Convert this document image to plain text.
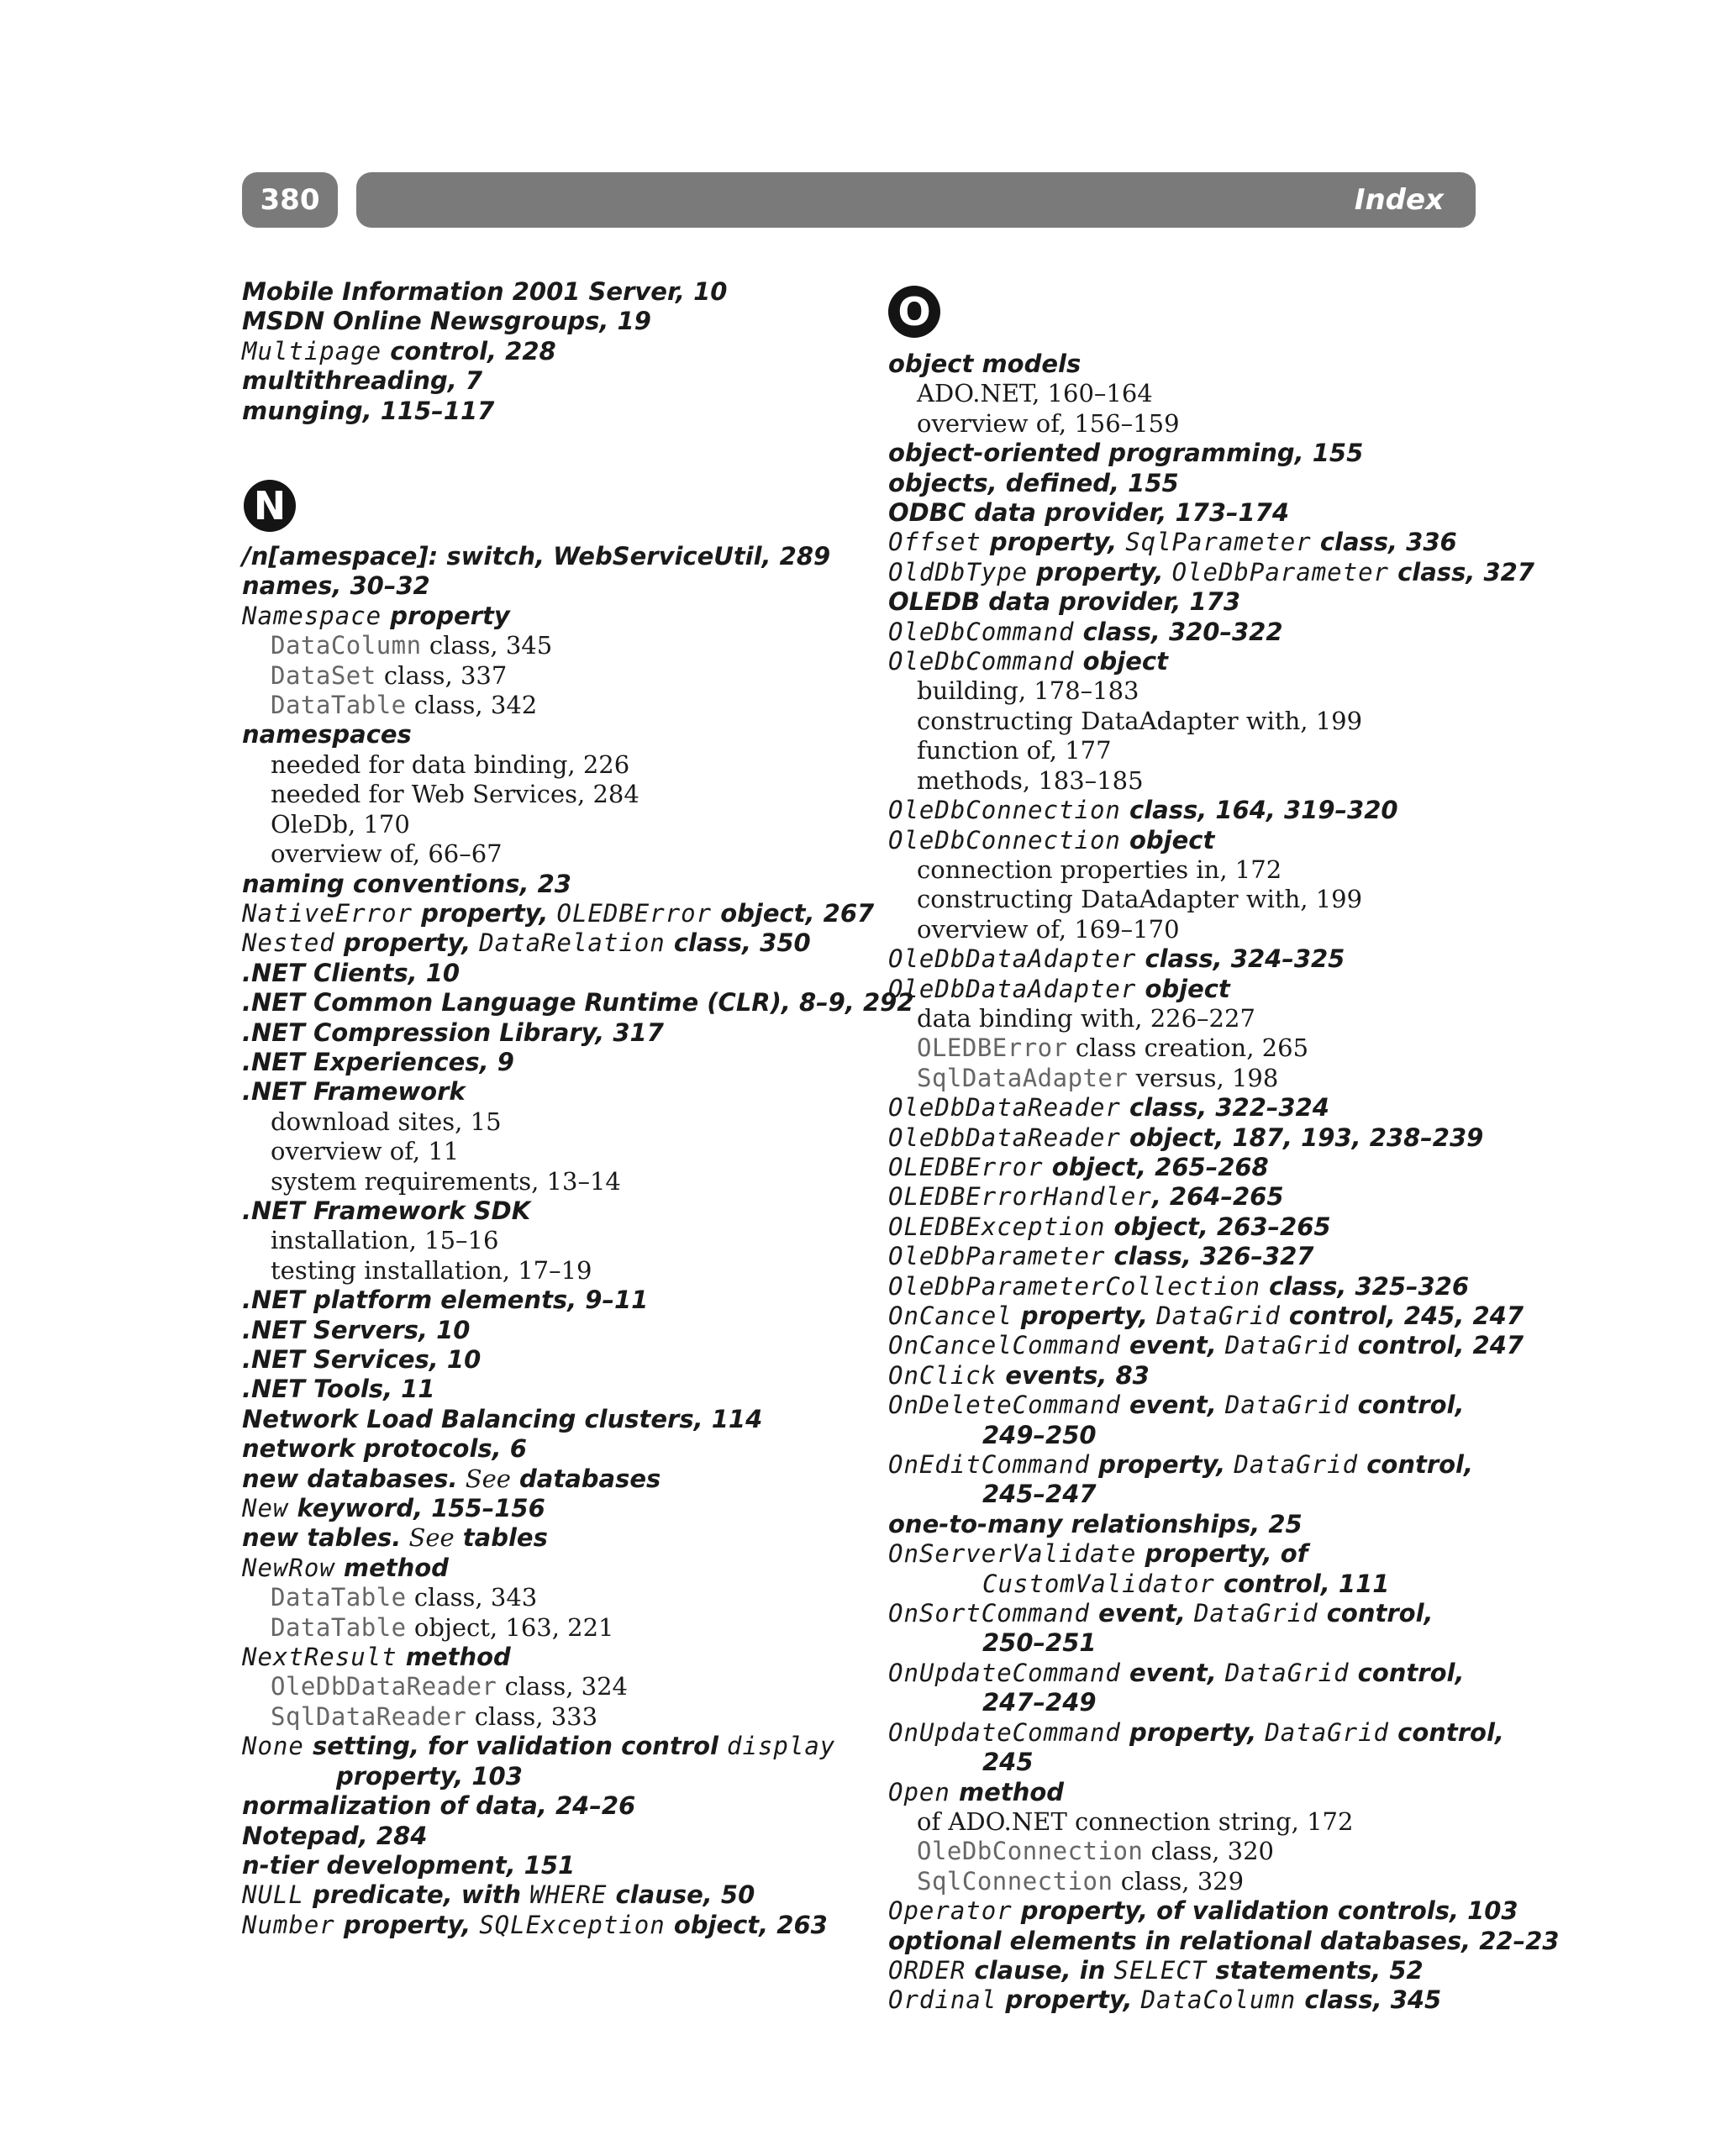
380	Index
Mobile Information 2001 Server, 10
MSDN Online Newsgroups, 19
Multipage control, 228
multithreading, 7
munging, 115–117
N
/n[amespace]: switch, WebServiceUtil, 289
names, 30–32
Namespace property
DataColumn class, 345
DataSet class, 337
DataTable class, 342
namespaces
needed for data binding, 226
needed for Web Services, 284
OleDb, 170
overview of, 66–67
naming conventions, 23
NativeError property, OLEDBError object, 267
Nested property, DataRelation class, 350
.NET Clients, 10
.NET Common Language Runtime (CLR), 8–9, 292
.NET Compression Library, 317
.NET Experiences, 9
.NET Framework
download sites, 15
overview of, 11
system requirements, 13–14
.NET Framework SDK
installation, 15–16
testing installation, 17–19
.NET platform elements, 9–11
.NET Servers, 10
.NET Services, 10
.NET Tools, 11
Network Load Balancing clusters, 114
network protocols, 6
new databases. See databases
New keyword, 155–156
new tables. See tables
NewRow method
DataTable class, 343
DataTable object, 163, 221
NextResult method
OleDbDataReader class, 324
SqlDataReader class, 333
None setting, for validation control display
property, 103
normalization of data, 24–26
Notepad, 284
n-tier development, 151
NULL predicate, with WHERE clause, 50
Number property, SQLException object, 263
O
object models
ADO.NET, 160–164
overview of, 156–159
object-oriented programming, 155
objects, defined, 155
ODBC data provider, 173–174
Offset property, SqlParameter class, 336
OldDbType property, OleDbParameter class, 327
OLEDB data provider, 173
OleDbCommand class, 320–322
OleDbCommand object
building, 178–183
constructing DataAdapter with, 199
function of, 177
methods, 183–185
OleDbConnection class, 164, 319–320
OleDbConnection object
connection properties in, 172
constructing DataAdapter with, 199
overview of, 169–170
OleDbDataAdapter class, 324–325
OleDbDataAdapter object
data binding with, 226–227
OLEDBError class creation, 265
SqlDataAdapter versus, 198
OleDbDataReader class, 322–324
OleDbDataReader object, 187, 193, 238–239
OLEDBError object, 265–268
OLEDBErrorHandler, 264–265
OLEDBException object, 263–265
OleDbParameter class, 326–327
OleDbParameterCollection class, 325–326
OnCancel property, DataGrid control, 245, 247
OnCancelCommand event, DataGrid control, 247
OnClick events, 83
OnDeleteCommand event, DataGrid control,
249–250
OnEditCommand property, DataGrid control,
245–247
one-to-many relationships, 25
OnServerValidate property, of
CustomValidator control, 111
OnSortCommand event, DataGrid control,
250–251
OnUpdateCommand event, DataGrid control,
247–249
OnUpdateCommand property, DataGrid control,
245
Open method
of ADO.NET connection string, 172
OleDbConnection class, 320
SqlConnection class, 329
Operator property, of validation controls, 103
optional elements in relational databases, 22–23
ORDER clause, in SELECT statements, 52
Ordinal property, DataColumn class, 345
